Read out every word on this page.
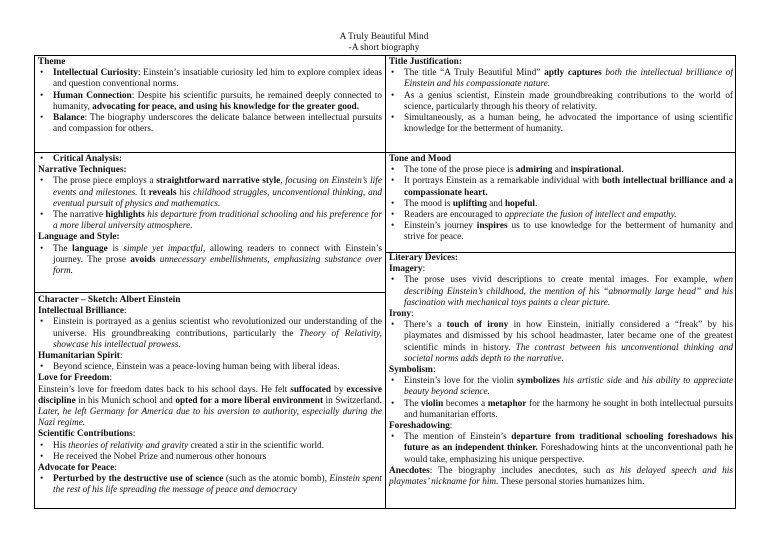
A Truly Beautiful Mind
-A short biography

Theme

• Intellectual Curiosity: Einstein’s insatiable curiosity led him to explore complex ideas and question conventional norms.
• Human Connection: Despite his scientific pursuits, he remained deeply connected to humanity, advocating for peace, and using his knowledge for the greater good.
• Balance: The biography underscores the delicate balance between intellectual pursuits and compassion for others.

Title Justification:

• The title “A Truly Beautiful Mind” aptly captures both the intellectual brilliance of Einstein and his compassionate nature.
• As a genius scientist, Einstein made groundbreaking contributions to the world of science, particularly through his theory of relativity.
• Simultaneously, as a human being, he advocated the importance of using scientific knowledge for the betterment of humanity.
• Critical Analysis:

Narrative Techniques:

• The prose piece employs a straightforward narrative style, focusing on Einstein’s life events and milestones. It reveals his childhood struggles, unconventional thinking, and eventual pursuit of physics and mathematics.
• The narrative highlights his departure from traditional schooling and his preference for a more liberal university atmosphere.

Language and Style:

• The language is simple yet impactful, allowing readers to connect with Einstein’s journey. The prose avoids unnecessary embellishments, emphasizing substance over form.

Tone and Mood

• The tone of the prose piece is admiring and inspirational.
• It portrays Einstein as a remarkable individual with both intellectual brilliance and a compassionate heart.
• The mood is uplifting and hopeful.
• Readers are encouraged to appreciate the fusion of intellect and empathy.
• Einstein’s journey inspires us to use knowledge for the betterment of humanity and strive for peace.

Character – Sketch: Albert Einstein

Intellectual Brilliance:

• Einstein is portrayed as a genius scientist who revolutionized our understanding of the universe. His groundbreaking contributions, particularly the Theory of Relativity, showcase his intellectual prowess.

Humanitarian Spirit:

• Beyond science, Einstein was a peace-loving human being with liberal ideas.

Love for Freedom:

Einstein’s love for freedom dates back to his school days. He felt suffocated by excessive discipline in his Munich school and opted for a more liberal environment in Switzerland. Later, he left Germany for America due to his aversion to authority, especially during the Nazi regime.

Scientific Contributions:

• His theories of relativity and gravity created a stir in the scientific world.
• He received the Nobel Prize and numerous other honours

Advocate for Peace:

• Perturbed by the destructive use of science (such as the atomic bomb), Einstein spent the rest of his life spreading the message of peace and democracy

Literary Devices:

Imagery:

• The prose uses vivid descriptions to create mental images. For example, when describing Einstein’s childhood, the mention of his “abnormally large head” and his fascination with mechanical toys paints a clear picture.

Irony:

• There’s a touch of irony in how Einstein, initially considered a “freak” by his playmates and dismissed by his school headmaster, later became one of the greatest scientific minds in history. The contrast between his unconventional thinking and societal norms adds depth to the narrative.

Symbolism:

• Einstein’s love for the violin symbolizes his artistic side and his ability to appreciate beauty beyond science.
• The violin becomes a metaphor for the harmony he sought in both intellectual pursuits and humanitarian efforts.

Foreshadowing:

• The mention of Einstein’s departure from traditional schooling foreshadows his future as an independent thinker. Foreshadowing hints at the unconventional path he would take, emphasizing his unique perspective.

Anecdotes: The biography includes anecdotes, such as his delayed speech and his playmates’ nickname for him. These personal stories humanizes him.
